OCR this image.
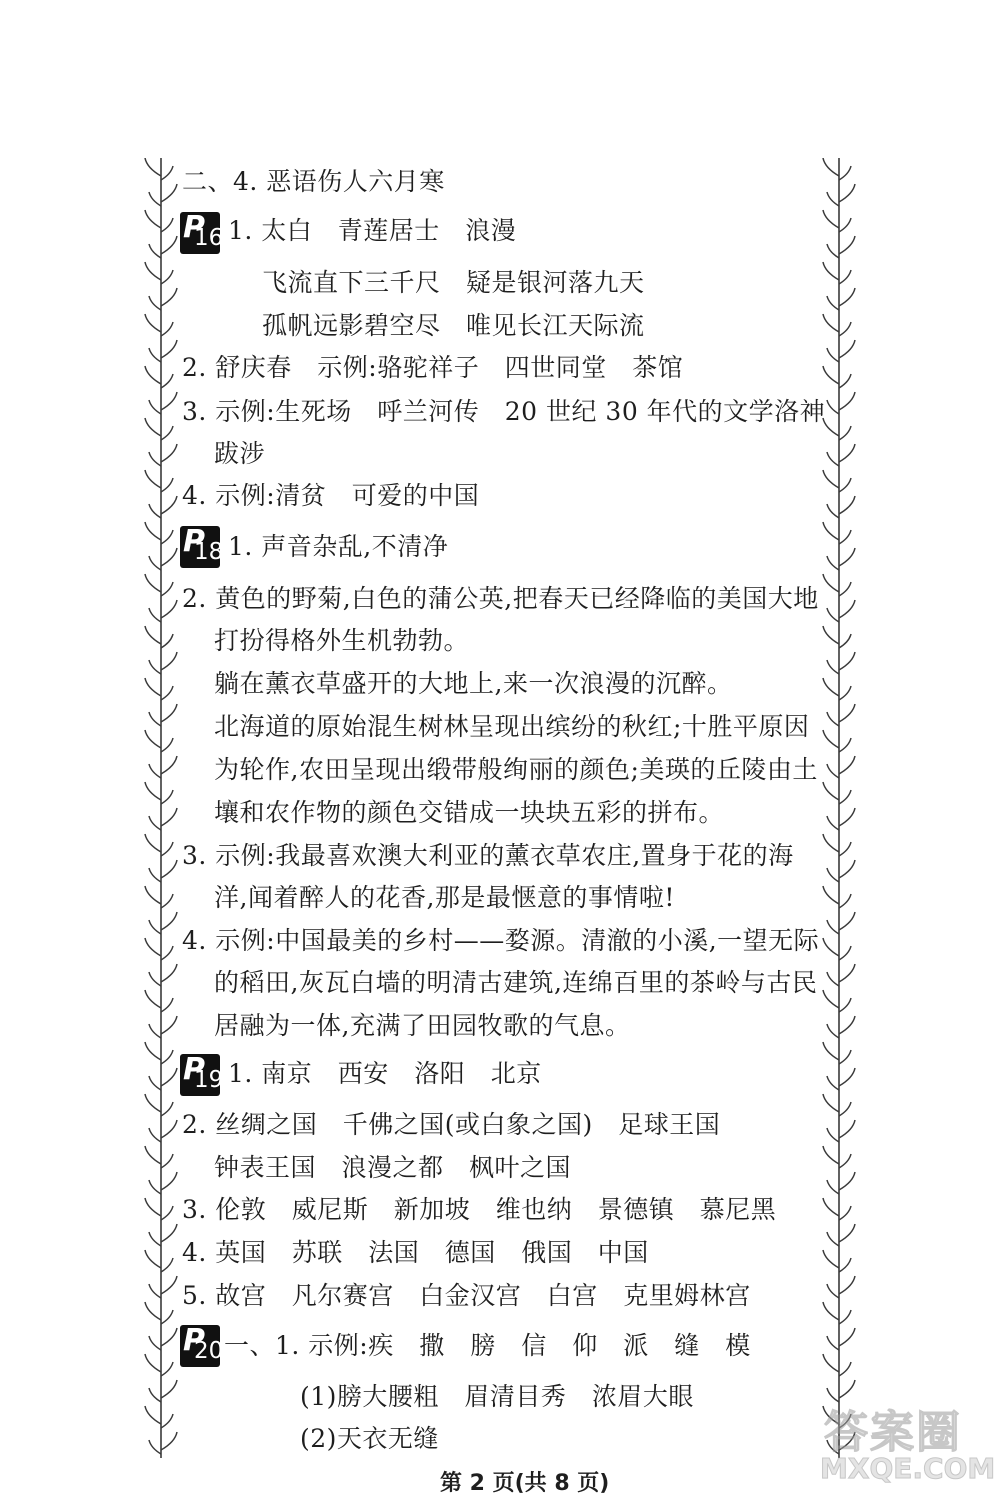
二、4. 恶语伤人六月寒
P
16 1. 太白　青莲居士　浪漫
飞流直下三千尺　疑是银河落九天
孤帆远影碧空尽　唯见长江天际流
2. 舒庆春　示例:骆驼祥子　四世同堂　茶馆
3. 示例:生死场　呼兰河传　20 世纪 30 年代的文学洛神
跋涉
4. 示例:清贫　可爱的中国
P
18 1. 声音杂乱,不清净
2. 黄色的野菊,白色的蒲公英,把春天已经降临的美国大地
打扮得格外生机勃勃。
躺在薰衣草盛开的大地上,来一次浪漫的沉醉。
北海道的原始混生树林呈现出缤纷的秋红;十胜平原因
为轮作,农田呈现出缎带般绚丽的颜色;美瑛的丘陵由土
壤和农作物的颜色交错成一块块五彩的拼布。
3. 示例:我最喜欢澳大利亚的薰衣草农庄,置身于花的海
洋,闻着醉人的花香,那是最惬意的事情啦!
4. 示例:中国最美的乡村——婺源。清澈的小溪,一望无际
的稻田,灰瓦白墙的明清古建筑,连绵百里的茶岭与古民
居融为一体,充满了田园牧歌的气息。
P
19 1. 南京　西安　洛阳　北京
2. 丝绸之国　千佛之国(或白象之国)　足球王国
钟表王国　浪漫之都　枫叶之国
3. 伦敦　威尼斯　新加坡　维也纳　景德镇　慕尼黑
4. 英国　苏联　法国　德国　俄国　中国
5. 故宫　凡尔赛宫　白金汉宫　白宫　克里姆林宫
P
20 一、1. 示例:疾　撒　膀　信　仰　派　缝　模
(1)膀大腰粗　眉清目秀　浓眉大眼
(2)天衣无缝
第 2 页(共 8 页)
答案圈
MXQE.COM
